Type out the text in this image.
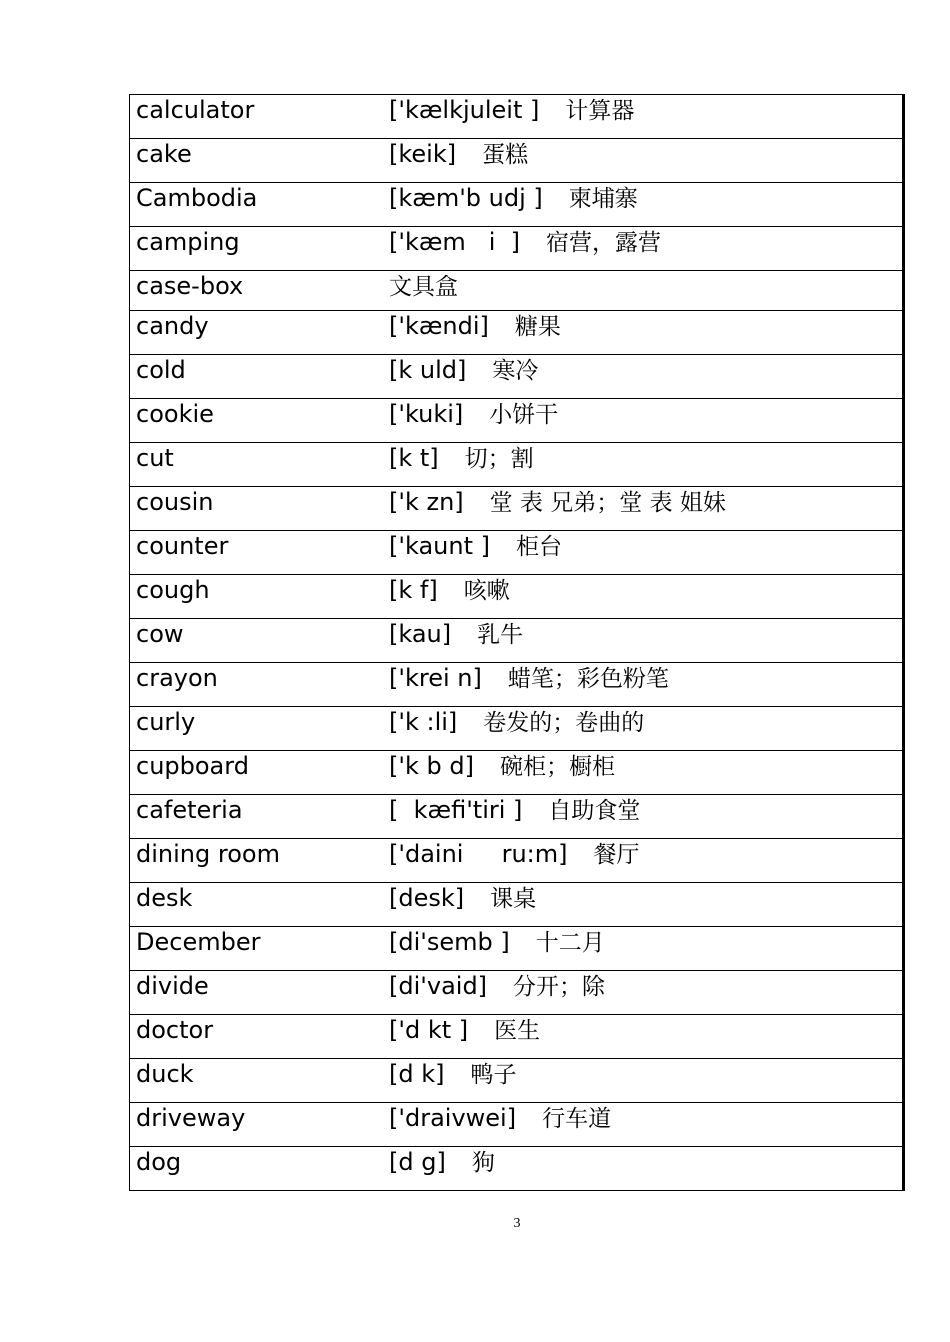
calculator	['kælkjuleit ] 计算器
cake	[keik] 蛋糕
Cambodia	[kæm'b udj ] 柬埔寨
camping	['kæm   i  ] 宿营，露营
case-box	文具盒
candy	['kændi] 糖果
cold	[k uld] 寒冷
cookie	['kuki] 小饼干
cut	[k t] 切；割
cousin	['k zn] 堂 表 兄弟；堂 表 姐妹
counter	['kaunt ] 柜台
cough	[k f] 咳嗽
cow	[kau] 乳牛
crayon	['krei n] 蜡笔；彩色粉笔
curly	['k :li] 卷发的；卷曲的
cupboard	['k b d] 碗柜；橱柜
cafeteria	[  kæfi'tiri ] 自助食堂
dining room	['daini     ru:m] 餐厅
desk	[desk] 课桌
December	[di'semb ] 十二月
divide	[di'vaid] 分开；除
doctor	['d kt ] 医生
duck	[d k] 鸭子
driveway	['draivwei] 行车道
dog	[d g] 狗
3
